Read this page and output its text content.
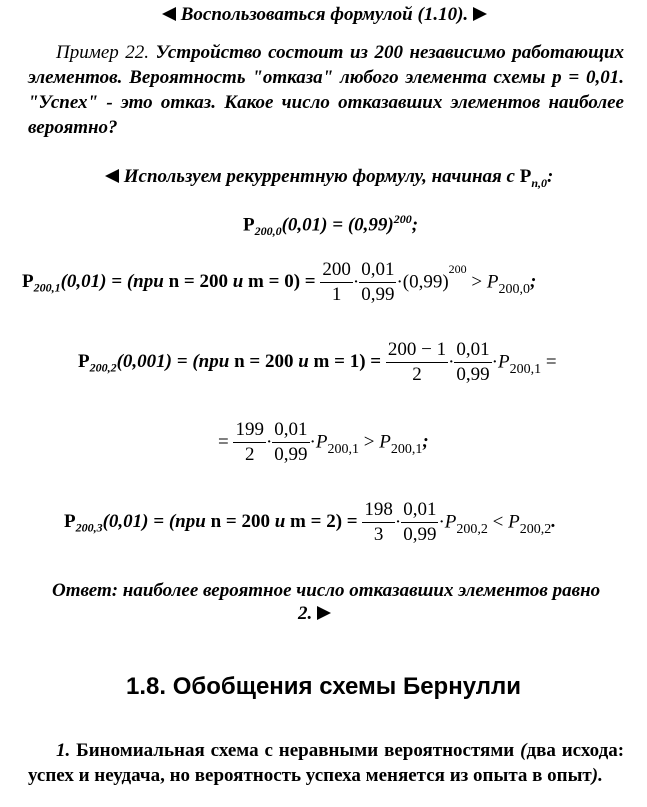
Воспользоваться формулой (1.10).
Пример 22. Устройство состоит из 200 независимо работающих элементов. Вероятность "отказа" любого элемента схемы р = 0,01. "Успех" - это отказ. Какое число отказавших элементов наиболее вероятно?
Используем рекуррентную формулу, начиная с $P_{n,0}$:
$P_{200,0}(0,01) = (0,99)^{200}$;
$P_{200,1}(0,01) = (при$ n = 200 и $m = 0) = \frac{200}{1} \cdot \frac{0,01}{0,99} \cdot(0,99)^{200} > P_{200,0}$;
$P_{200,2}(0,001) = (при$ n = 200 и $m = 1) = \frac{200 - 1}{2} \cdot \frac{0,01}{0,99} \cdot P_{200,1}$ =
= $\frac{199}{2} \cdot \frac{0,01}{0,99} \cdot P_{200,1} > P_{200,1}$;
$P_{200,3}(0,01) = (при$ n = 200 и $m = 2) = \frac{198}{3} \cdot \frac{0,01}{0,99} \cdot P_{200,2} < P_{200,2}$.
Ответ: наиболее вероятное число отказавших элементов равно
2.
1.8. Обобщения схемы Бернулли
1. Биномиальная схема с неравными вероятностями (два исхода: успех и неудача, но вероятность успеха меняется из опыта в опыт).
